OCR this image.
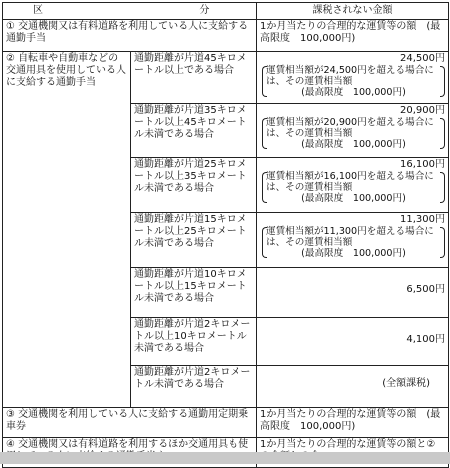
区 分		課税されない金額
① 交通機関又は有料道路を利用している人に支給する通勤手当		1か月当たりの合理的な運賃等の額　(最高限度　100,000円)
② 自転車や自動車などの交通用具を使用している人に支給する通勤手当	通勤距離が片道45キロメートル以上である場合	24,500円
運賃相当額が24,500円を超える場合には、その運賃相当額
(最高限度　100,000円)

	通勤距離が片道35キロメートル以上45キロメートル未満である場合	20,900円
運賃相当額が20,900円を超える場合には、その運賃相当額
(最高限度　100,000円)

	通勤距離が片道25キロメートル以上35キロメートル未満である場合	16,100円
運賃相当額が16,100円を超える場合には、その運賃相当額
(最高限度　100,000円)

	通勤距離が片道15キロメートル以上25キロメートル未満である場合	11,300円
運賃相当額が11,300円を超える場合には、その運賃相当額
(最高限度　100,000円)

	通勤距離が片道10キロメートル以上15キロメートル未満である場合	6,500円
	通勤距離が片道2キロメートル以上10キロメートル未満である場合	4,100円
	通勤距離が片道2キロメートル未満である場合	(全額課税)
③ 交通機関を利用している人に支給する通勤用定期乗車券		1か月当たりの合理的な運賃等の額　(最高限度　100,000円)
④ 交通機関又は有料道路を利用するほか交通用具も使		1か月当たりの合理的な運賃等の額と②
